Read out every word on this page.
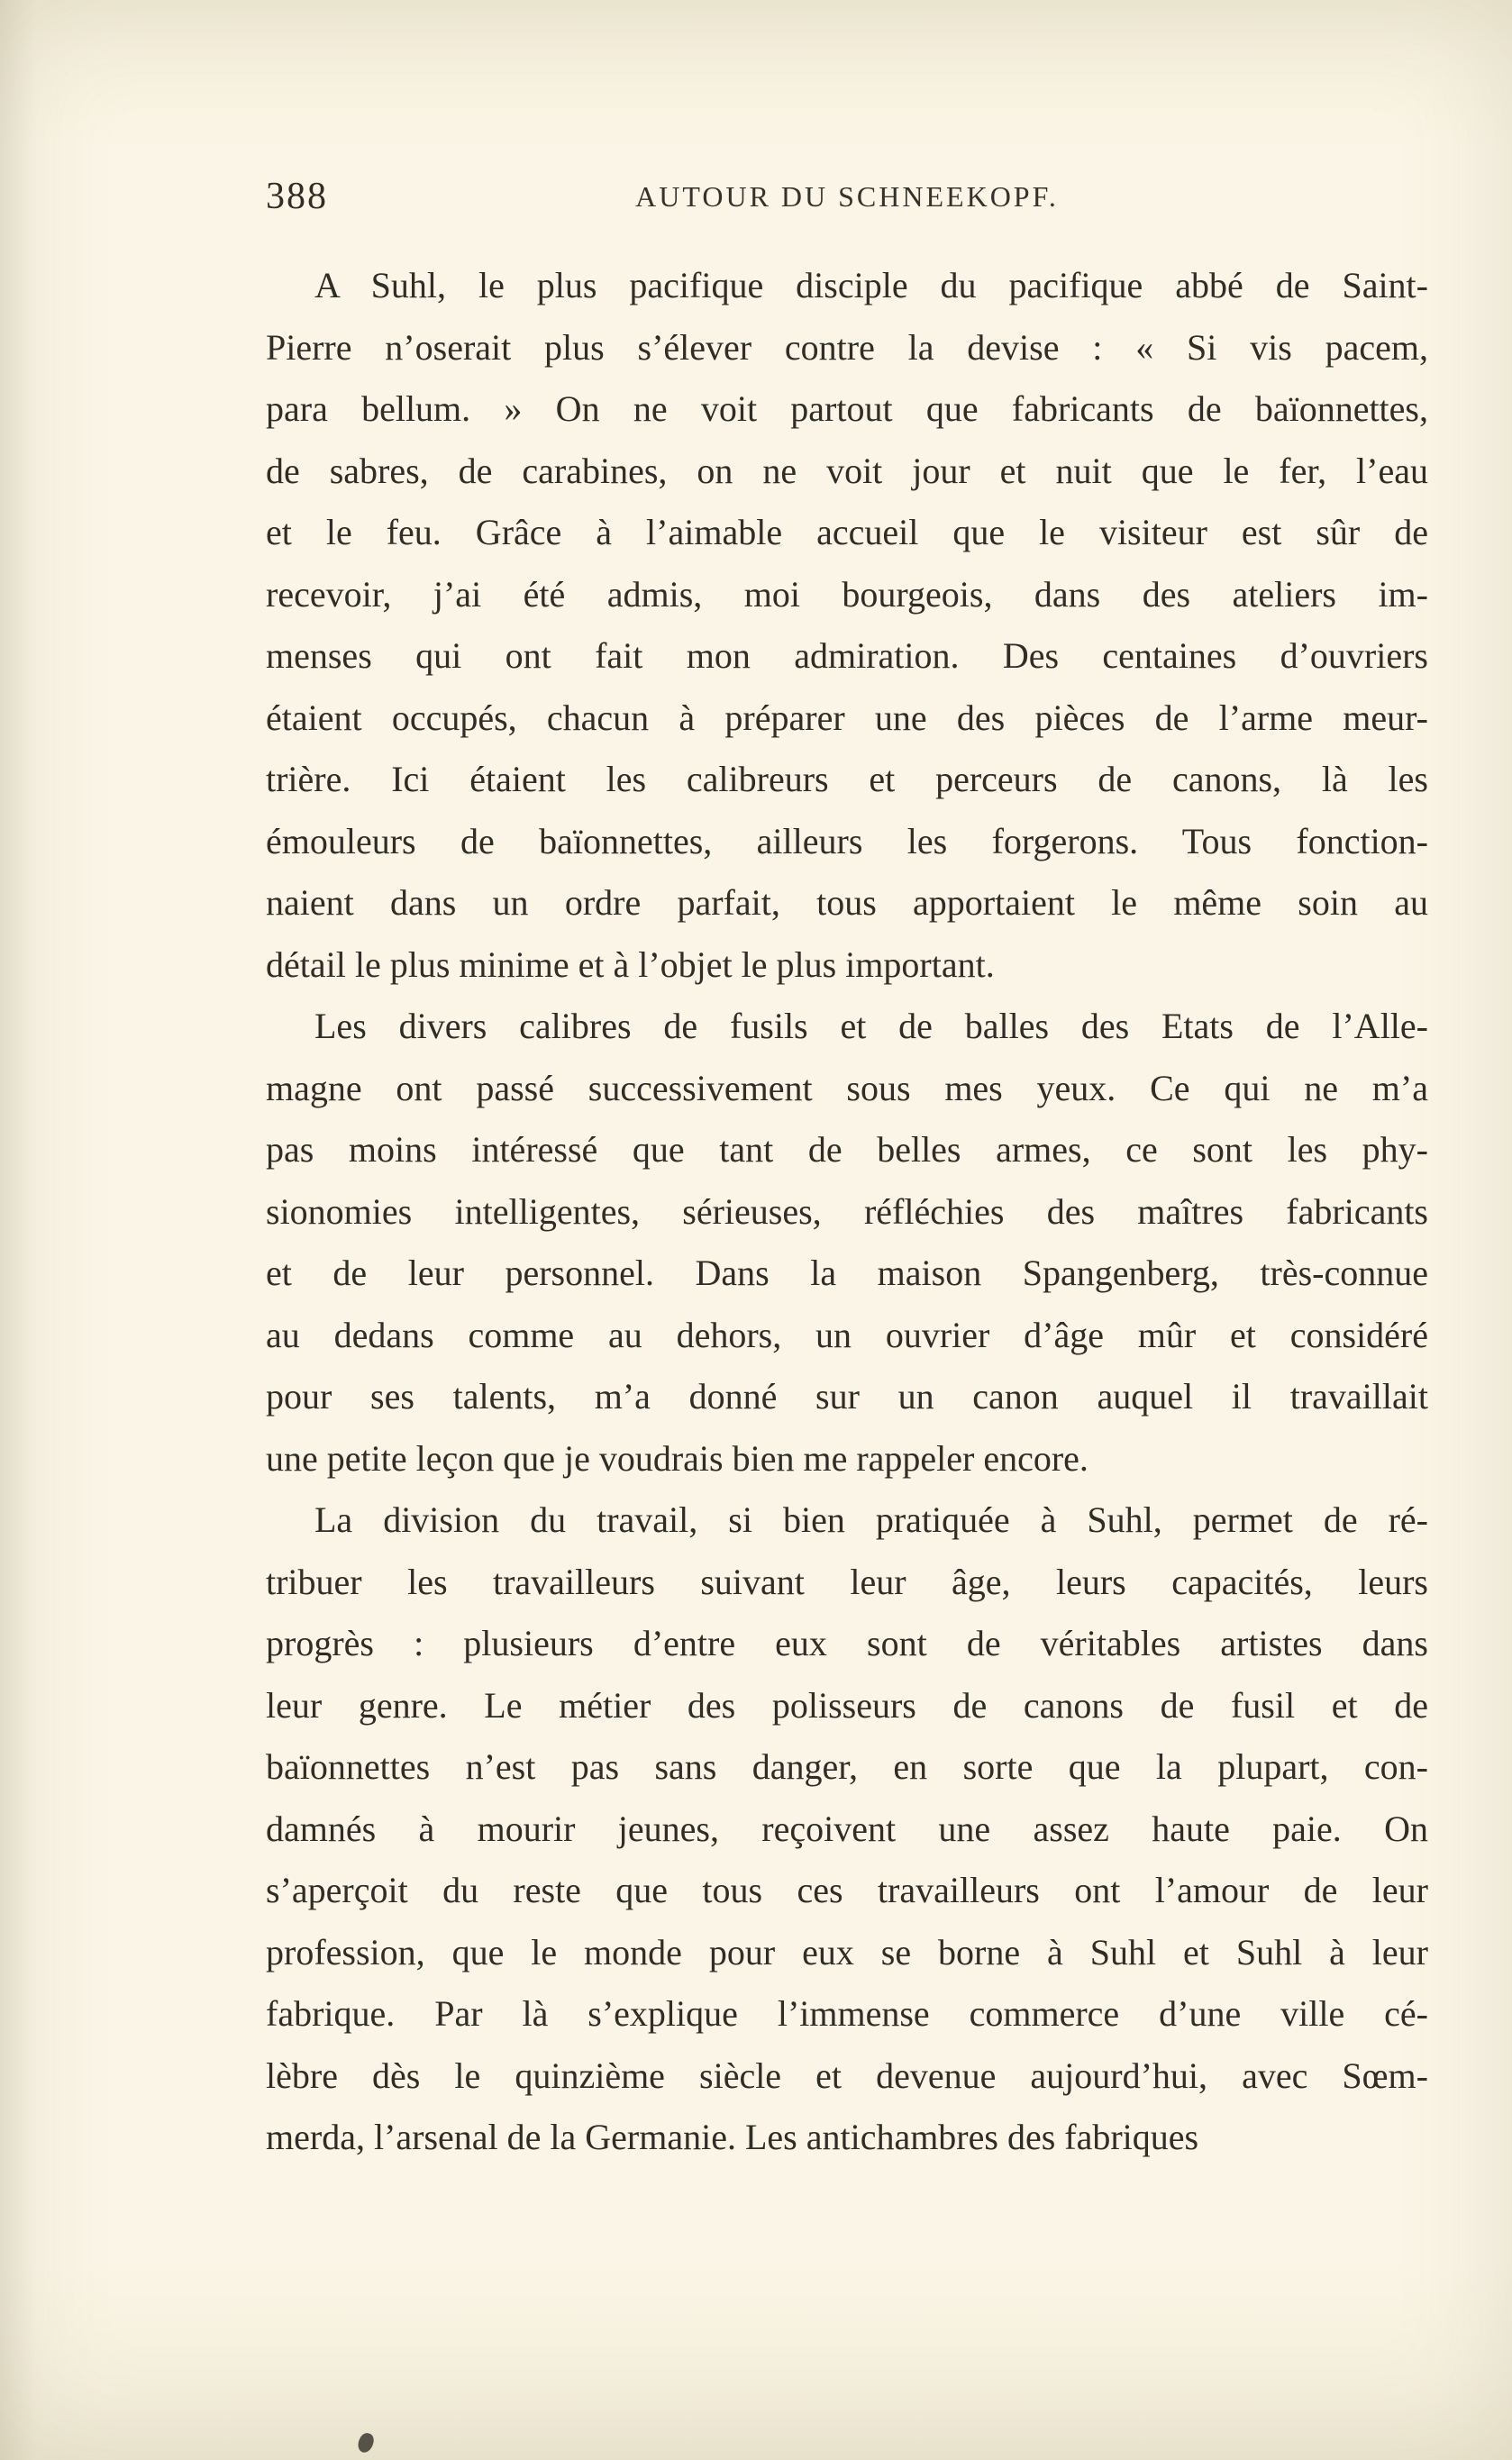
388	AUTOUR DU SCHNEEKOPF.
A Suhl, le plus pacifique disciple du pacifique abbé de Saint-
Pierre n’oserait plus s’élever contre la devise : « Si vis pacem,
para bellum. » On ne voit partout que fabricants de baïonnettes,
de sabres, de carabines, on ne voit jour et nuit que le fer, l’eau
et le feu. Grâce à l’aimable accueil que le visiteur est sûr de
recevoir, j’ai été admis, moi bourgeois, dans des ateliers im-
menses qui ont fait mon admiration. Des centaines d’ouvriers
étaient occupés, chacun à préparer une des pièces de l’arme meur-
trière. Ici étaient les calibreurs et perceurs de canons, là les
émouleurs de baïonnettes, ailleurs les forgerons. Tous fonction-
naient dans un ordre parfait, tous apportaient le même soin au
détail le plus minime et à l’objet le plus important.
Les divers calibres de fusils et de balles des Etats de l’Alle-
magne ont passé successivement sous mes yeux. Ce qui ne m’a
pas moins intéressé que tant de belles armes, ce sont les phy-
sionomies intelligentes, sérieuses, réfléchies des maîtres fabricants
et de leur personnel. Dans la maison Spangenberg, très-connue
au dedans comme au dehors, un ouvrier d’âge mûr et considéré
pour ses talents, m’a donné sur un canon auquel il travaillait
une petite leçon que je voudrais bien me rappeler encore.
La division du travail, si bien pratiquée à Suhl, permet de ré-
tribuer les travailleurs suivant leur âge, leurs capacités, leurs
progrès : plusieurs d’entre eux sont de véritables artistes dans
leur genre. Le métier des polisseurs de canons de fusil et de
baïonnettes n’est pas sans danger, en sorte que la plupart, con-
damnés à mourir jeunes, reçoivent une assez haute paie. On
s’aperçoit du reste que tous ces travailleurs ont l’amour de leur
profession, que le monde pour eux se borne à Suhl et Suhl à leur
fabrique. Par là s’explique l’immense commerce d’une ville cé-
lèbre dès le quinzième siècle et devenue aujourd’hui, avec Sœm-
merda, l’arsenal de la Germanie. Les antichambres des fabriques
